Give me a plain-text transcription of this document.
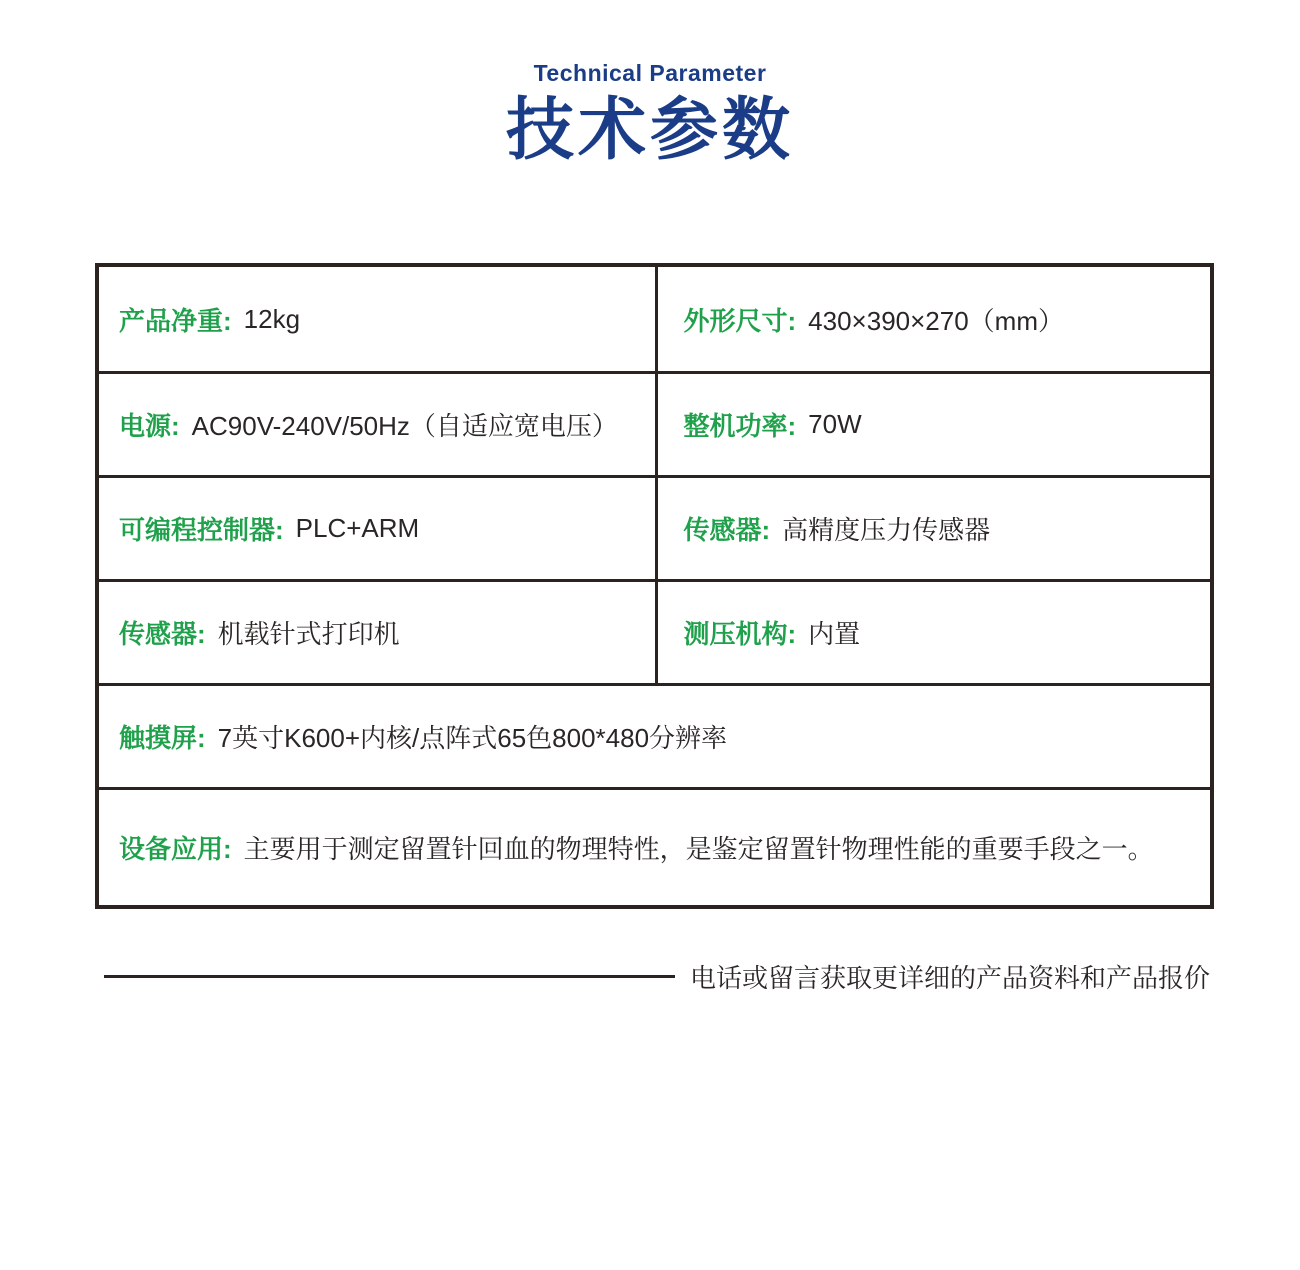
Technical Parameter
技术参数
产品净重: 12kg	外形尺寸: 430×390×270（mm）
电源: AC90V-240V/50Hz（自适应宽电压）	整机功率: 70W
可编程控制器: PLC+ARM	传感器: 高精度压力传感器
传感器: 机载针式打印机	测压机构: 内置
触摸屏: 7英寸K600+内核/点阵式65色800*480分辨率
设备应用: 主要用于测定留置针回血的物理特性，是鉴定留置针物理性能的重要手段之一。
电话或留言获取更详细的产品资料和产品报价
